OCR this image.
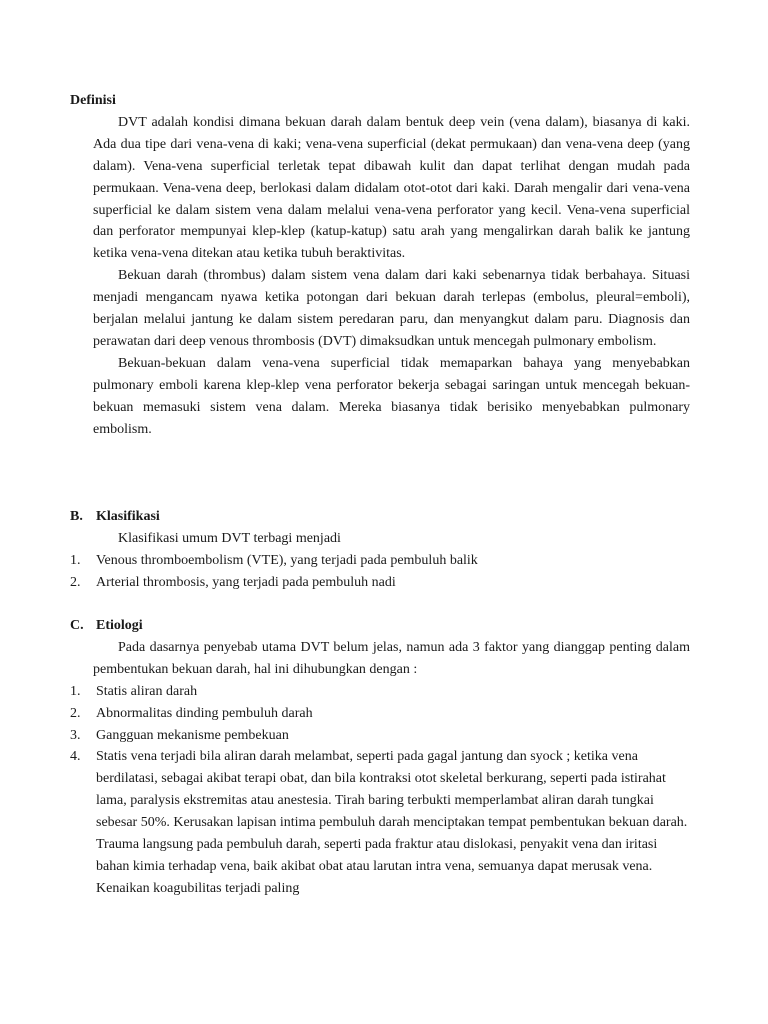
Definisi

DVT adalah kondisi dimana bekuan darah dalam bentuk deep vein (vena dalam), biasanya di kaki. Ada dua tipe dari vena-vena di kaki; vena-vena superficial (dekat permukaan) dan vena-vena deep (yang dalam). Vena-vena superficial terletak tepat dibawah kulit dan dapat terlihat dengan mudah pada permukaan. Vena-vena deep, berlokasi dalam didalam otot-otot dari kaki. Darah mengalir dari vena-vena superficial ke dalam sistem vena dalam melalui vena-vena perforator yang kecil. Vena-vena superficial dan perforator mempunyai klep-klep (katup-katup) satu arah yang mengalirkan darah balik ke jantung ketika vena-vena ditekan atau ketika tubuh beraktivitas.

Bekuan darah (thrombus) dalam sistem vena dalam dari kaki sebenarnya tidak berbahaya. Situasi menjadi mengancam nyawa ketika potongan dari bekuan darah terlepas (embolus, pleural=emboli), berjalan melalui jantung ke dalam sistem peredaran paru, dan menyangkut dalam paru. Diagnosis dan perawatan dari deep venous thrombosis (DVT) dimaksudkan untuk mencegah pulmonary embolism.

Bekuan-bekuan dalam vena-vena superficial tidak memaparkan bahaya yang menyebabkan pulmonary emboli karena klep-klep vena perforator bekerja sebagai saringan untuk mencegah bekuan-bekuan memasuki sistem vena dalam. Mereka biasanya tidak berisiko menyebabkan pulmonary embolism.

B. Klasifikasi

Klasifikasi umum DVT terbagi menjadi

1.	Venous thromboembolism (VTE), yang terjadi pada pembuluh balik
2.	Arterial thrombosis, yang terjadi pada pembuluh nadi

C. Etiologi

Pada dasarnya penyebab utama DVT belum jelas, namun ada 3 faktor yang dianggap penting dalam pembentukan bekuan darah, hal ini dihubungkan dengan :

1.	Statis aliran darah
2.	Abnormalitas dinding pembuluh darah
3.	Gangguan mekanisme pembekuan
4.	Statis vena terjadi bila aliran darah melambat, seperti pada gagal jantung dan syock ; ketika vena berdilatasi, sebagai akibat terapi obat, dan bila kontraksi otot skeletal berkurang, seperti pada istirahat lama, paralysis ekstremitas atau anestesia. Tirah baring terbukti memperlambat aliran darah tungkai sebesar 50%. Kerusakan lapisan intima pembuluh darah menciptakan tempat pembentukan bekuan darah. Trauma langsung pada pembuluh darah, seperti pada fraktur atau dislokasi, penyakit vena dan iritasi bahan kimia terhadap vena, baik akibat obat atau larutan intra vena, semuanya dapat merusak vena. Kenaikan koagubilitas terjadi paling
